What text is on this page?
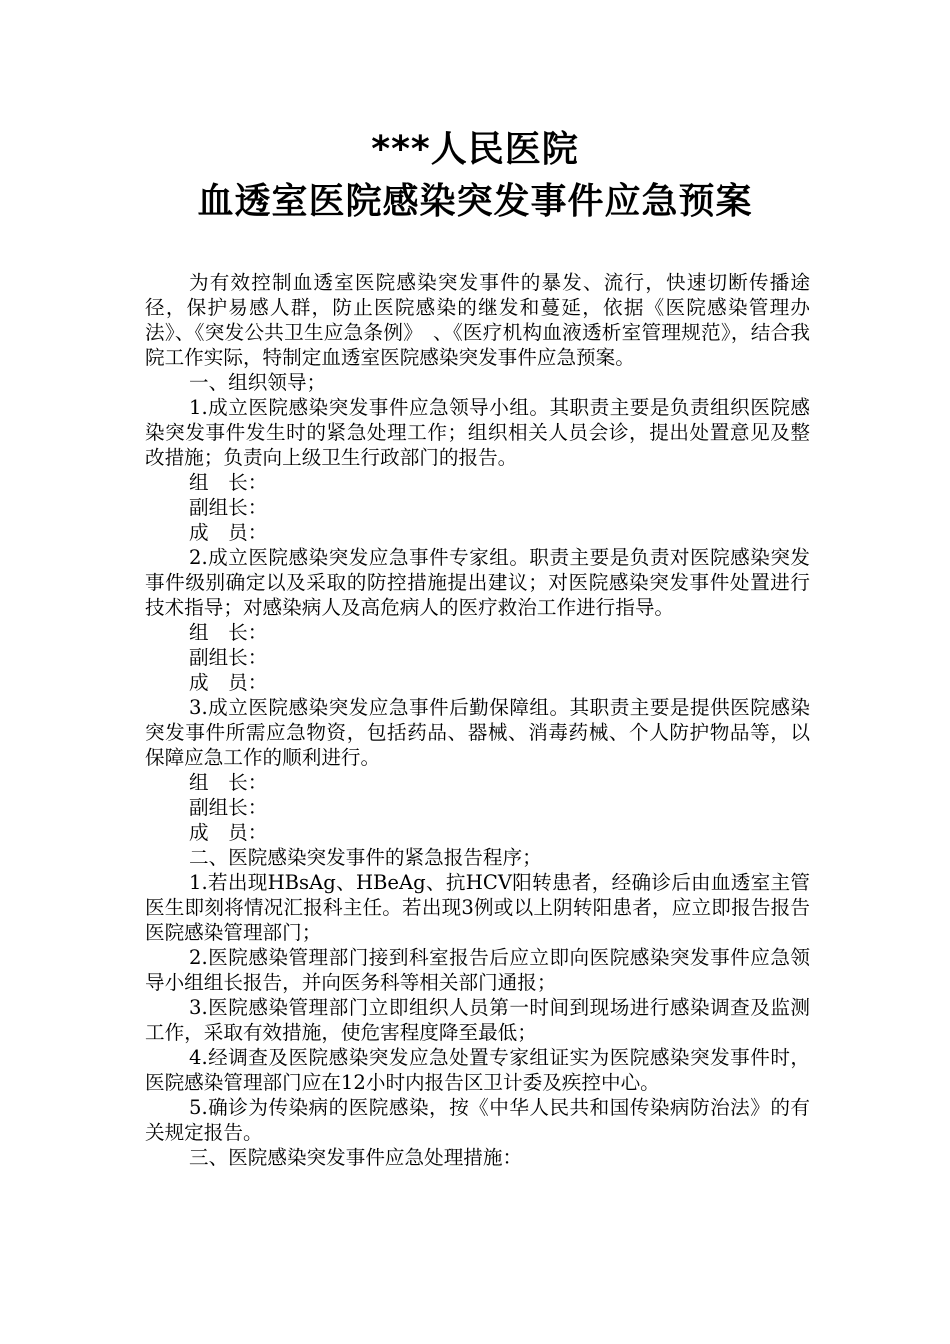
***人民医院
血透室医院感染突发事件应急预案

为有效控制血透室医院感染突发事件的暴发、流行，快速切断传播途径，保护易感人群，防止医院感染的继发和蔓延，依据《医院感染管理办法》、《突发公共卫生应急条例》　、《医疗机构血液透析室管理规范》，结合我院工作实际，特制定血透室医院感染突发事件应急预案。

一、组织领导；

1.成立医院感染突发事件应急领导小组。其职责主要是负责组织医院感染突发事件发生时的紧急处理工作；组织相关人员会诊，提出处置意见及整改措施；负责向上级卫生行政部门的报告。

组　长：

副组长：

成　员：

2.成立医院感染突发应急事件专家组。职责主要是负责对医院感染突发事件级别确定以及采取的防控措施提出建议；对医院感染突发事件处置进行技术指导；对感染病人及高危病人的医疗救治工作进行指导。

组　长：

副组长：

成　员：

3.成立医院感染突发应急事件后勤保障组。其职责主要是提供医院感染突发事件所需应急物资，包括药品、器械、消毒药械、个人防护物品等，以保障应急工作的顺利进行。

组　长：

副组长：

成　员：

二、医院感染突发事件的紧急报告程序；

1.若出现HBsAg、HBeAg、抗HCV阳转患者，经确诊后由血透室主管医生即刻将情况汇报科主任。若出现3例或以上阴转阳患者，应立即报告报告医院感染管理部门；

2.医院感染管理部门接到科室报告后应立即向医院感染突发事件应急领导小组组长报告，并向医务科等相关部门通报；

3.医院感染管理部门立即组织人员第一时间到现场进行感染调查及监测工作，采取有效措施，使危害程度降至最低；

4.经调查及医院感染突发应急处置专家组证实为医院感染突发事件时，医院感染管理部门应在12小时内报告区卫计委及疾控中心。

5.确诊为传染病的医院感染，按《中华人民共和国传染病防治法》的有关规定报告。

三、医院感染突发事件应急处理措施：
